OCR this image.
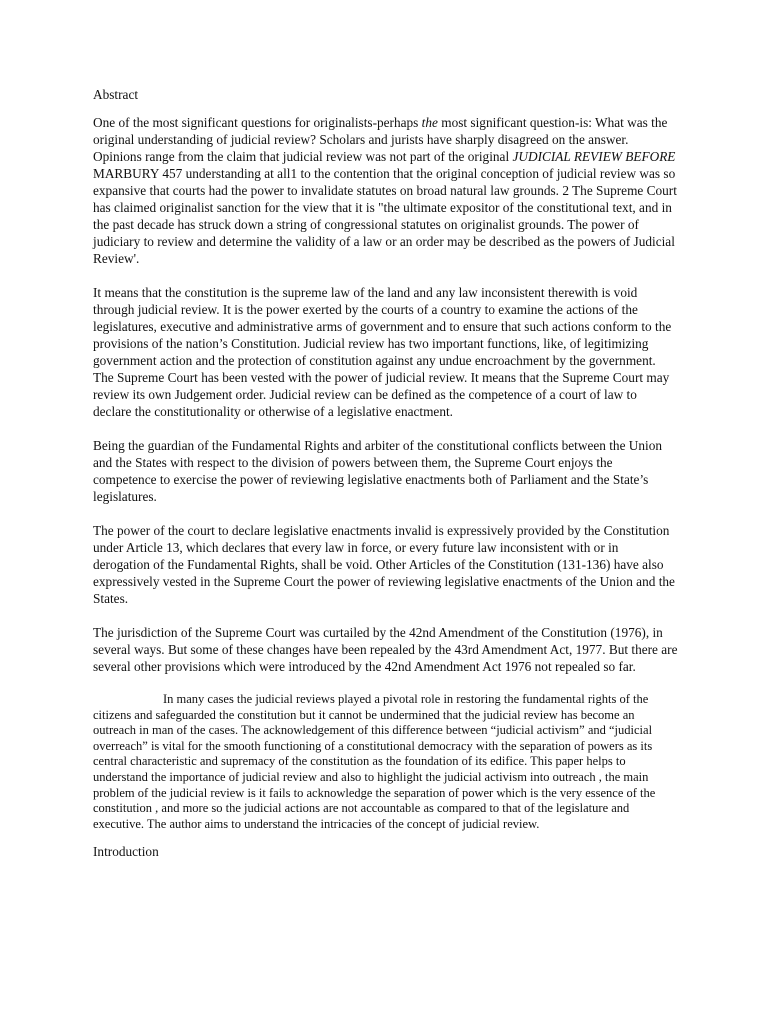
Abstract

One of the most significant questions for originalists-perhaps the most significant question-is: What was the original understanding of judicial review? Scholars and jurists have sharply disagreed on the answer. Opinions range from the claim that judicial review was not part of the original JUDICIAL REVIEW BEFORE MARBURY 457 understanding at all1 to the contention that the original conception of judicial review was so expansive that courts had the power to invalidate statutes on broad natural law grounds. 2 The Supreme Court has claimed originalist sanction for the view that it is "the ultimate expositor of the constitutional text, and in the past decade has struck down a string of congressional statutes on originalist grounds. The power of judiciary to review and determine the validity of a law or an order may be described as the powers of Judicial Review'.

It means that the constitution is the supreme law of the land and any law inconsistent therewith is void through judicial review. It is the power exerted by the courts of a country to examine the actions of the legislatures, executive and administrative arms of government and to ensure that such actions conform to the provisions of the nation’s Constitution. Judicial review has two important functions, like, of legitimizing government action and the protection of constitution against any undue encroachment by the government. The Supreme Court has been vested with the power of judicial review. It means that the Supreme Court may review its own Judgement order. Judicial review can be defined as the competence of a court of law to declare the constitutionality or otherwise of a legislative enactment.

Being the guardian of the Fundamental Rights and arbiter of the constitutional conflicts between the Union and the States with respect to the division of powers between them, the Supreme Court enjoys the competence to exercise the power of reviewing legislative enactments both of Parliament and the State’s legislatures.

The power of the court to declare legislative enactments invalid is expressively provided by the Constitution under Article 13, which declares that every law in force, or every future law inconsistent with or in derogation of the Fundamental Rights, shall be void. Other Articles of the Constitution (131-136) have also expressively vested in the Supreme Court the power of reviewing legislative enactments of the Union and the States.

The jurisdiction of the Supreme Court was curtailed by the 42nd Amendment of the Constitution (1976), in several ways. But some of these changes have been repealed by the 43rd Amendment Act, 1977. But there are several other provisions which were introduced by the 42nd Amendment Act 1976 not repealed so far.

In many cases the judicial reviews played a pivotal role in restoring the fundamental rights of the citizens and safeguarded the constitution but it cannot be undermined that the judicial review has become an outreach in man of the cases. The acknowledgement of this difference between “judicial activism” and “judicial overreach” is vital for the smooth functioning of a constitutional democracy with the separation of powers as its central characteristic and supremacy of the constitution as the foundation of its edifice. This paper helps to understand the importance of judicial review and also to highlight the judicial activism into outreach , the main problem of the judicial review is it fails to acknowledge the separation of power which is the very essence of the constitution , and more so the judicial actions are not accountable as compared to that of the legislature and executive. The author aims to understand the intricacies of the concept of judicial review.

Introduction
